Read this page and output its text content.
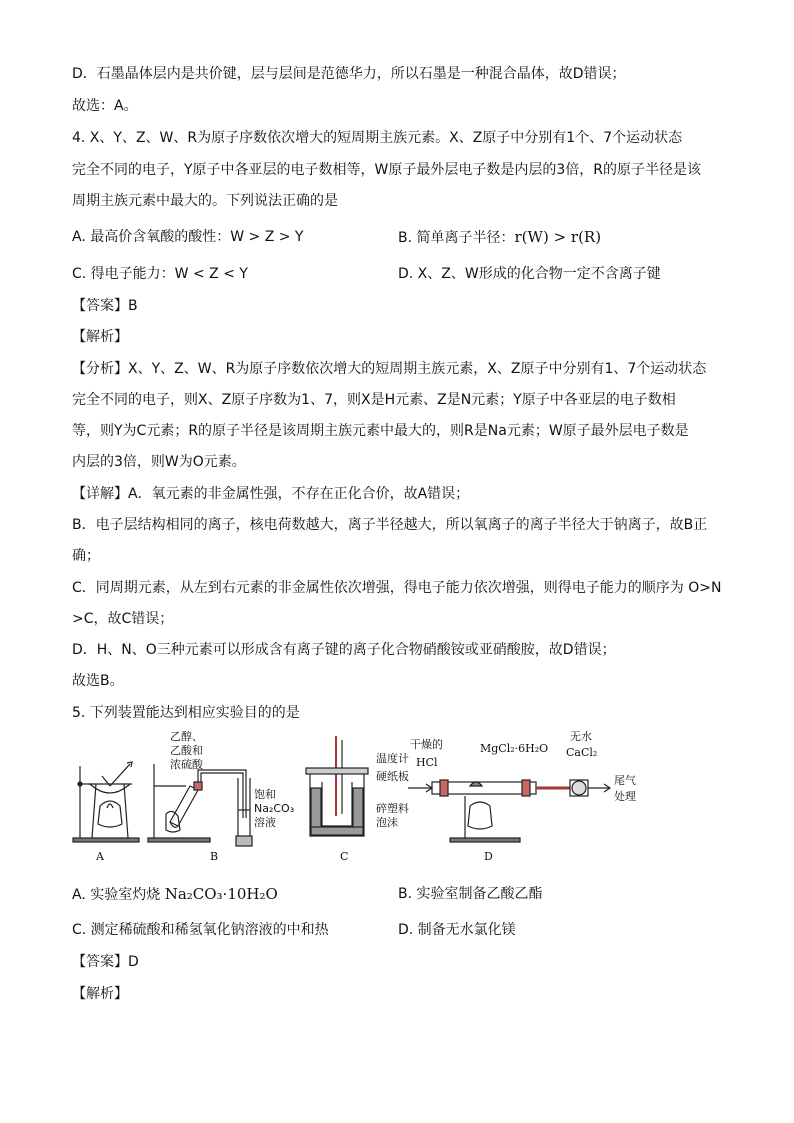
D．石墨晶体层内是共价键，层与层间是范德华力，所以石墨是一种混合晶体，故D错误；
故选：A。
4. X、Y、Z、W、R为原子序数依次增大的短周期主族元素。X、Z原子中分别有1个、7个运动状态
完全不同的电子，Y原子中各亚层的电子数相等，W原子最外层电子数是内层的3倍，R的原子半径是该
周期主族元素中最大的。下列说法正确的是
A. 最高价含氧酸的酸性：W > Z > Y	B. 简单离子半径：r(W) > r(R)
C. 得电子能力：W < Z < Y	D. X、Z、W形成的化合物一定不含离子键
【答案】B
【解析】
【分析】X、Y、Z、W、R为原子序数依次增大的短周期主族元素，X、Z原子中分别有1、7个运动状态
完全不同的电子，则X、Z原子序数为1、7，则X是H元素、Z是N元素；Y原子中各亚层的电子数相
等，则Y为C元素；R的原子半径是该周期主族元素中最大的，则R是Na元素；W原子最外层电子数是
内层的3倍，则W为O元素。
【详解】A．氧元素的非金属性强，不存在正化合价，故A错误；
B．电子层结构相同的离子，核电荷数越大，离子半径越大，所以氧离子的离子半径大于钠离子，故B正
确；
C．同周期元素，从左到右元素的非金属性依次增强，得电子能力依次增强，则得电子能力的顺序为 O>N
>C，故C错误；
D．H、N、O三种元素可以形成含有离子键的离子化合物硝酸铵或亚硝酸胺，故D错误；
故选B。
5. 下列装置能达到相应实验目的的是
乙醇、
乙酸和
浓硫酸
饱和
Na₂CO₃
溶液
温度计
硬纸板
碎塑料
泡沫
干燥的
HCl
MgCl₂·6H₂O
无水
CaCl₂
尾气
处理
A	B	C	D
A. 实验室灼烧 Na₂CO₃·10H₂O	B. 实验室制备乙酸乙酯
C. 测定稀硫酸和稀氢氧化钠溶液的中和热	D. 制备无水氯化镁
【答案】D
【解析】
